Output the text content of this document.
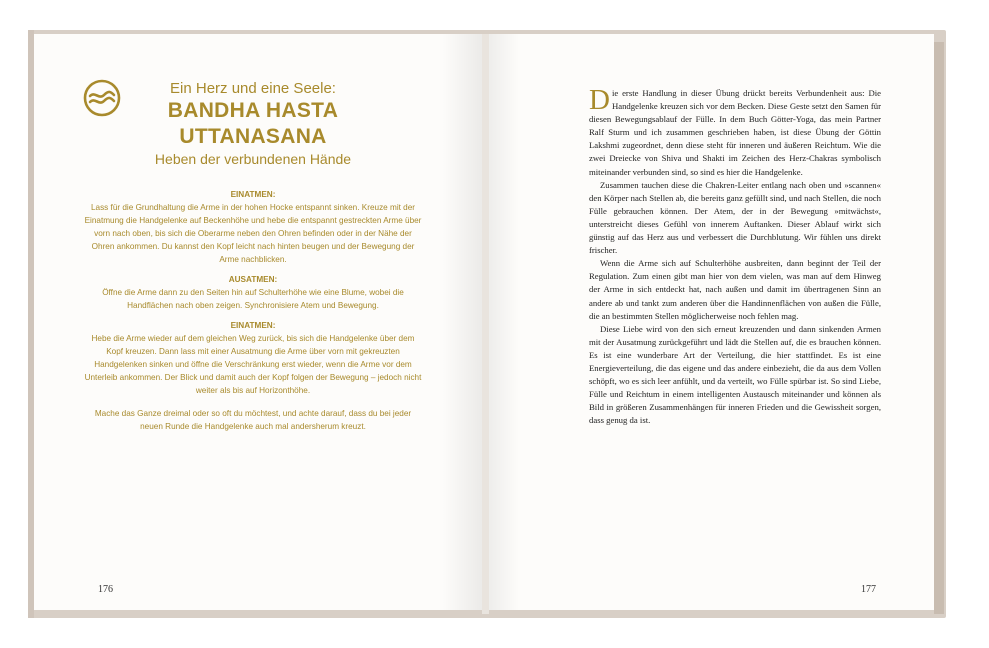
Ein Herz und eine Seele:
BANDHA HASTA UTTANASANA
Heben der verbundenen Hände

EINATMEN:
Lass für die Grundhaltung die Arme in der hohen Hocke entspannt sinken. Kreuze mit der Einatmung die Handgelenke auf Beckenhöhe und hebe die entspannt gestreckten Arme über vorn nach oben, bis sich die Oberarme neben den Ohren befinden oder in der Nähe der Ohren ankommen. Du kannst den Kopf leicht nach hinten beugen und der Bewegung der Arme nachblicken.

AUSATMEN:
Öffne die Arme dann zu den Seiten hin auf Schulterhöhe wie eine Blume, wobei die Handflächen nach oben zeigen. Synchronisiere Atem und Bewegung.

EINATMEN:
Hebe die Arme wieder auf dem gleichen Weg zurück, bis sich die Handgelenke über dem Kopf kreuzen. Dann lass mit einer Ausatmung die Arme über vorn mit gekreuzten Handgelenken sinken und öffne die Verschränkung erst wieder, wenn die Arme vor dem Unterleib ankommen. Der Blick und damit auch der Kopf folgen der Bewegung – jedoch nicht weiter als bis auf Horizonthöhe.

Mache das Ganze dreimal oder so oft du möchtest, und achte darauf, dass du bei jeder neuen Runde die Handgelenke auch mal andersherum kreuzt.

176

Die erste Handlung in dieser Übung drückt bereits Verbundenheit aus: Die Handgelenke kreuzen sich vor dem Becken. Diese Geste setzt den Samen für diesen Bewegungsablauf der Fülle. In dem Buch Götter-Yoga, das mein Partner Ralf Sturm und ich zusammen geschrieben haben, ist diese Übung der Göttin Lakshmi zugeordnet, denn diese steht für inneren und äußeren Reichtum. Wie die zwei Dreiecke von Shiva und Shakti im Zeichen des Herz-Chakras symbolisch miteinander verbunden sind, so sind es hier die Handgelenke.

Zusammen tauchen diese die Chakren-Leiter entlang nach oben und »scannen« den Körper nach Stellen ab, die bereits ganz gefüllt sind, und nach Stellen, die noch Fülle gebrauchen können. Der Atem, der in der Bewegung »mitwächst«, unterstreicht dieses Gefühl von innerem Auftanken. Dieser Ablauf wirkt sich günstig auf das Herz aus und verbessert die Durchblutung. Wir fühlen uns direkt frischer.

Wenn die Arme sich auf Schulterhöhe ausbreiten, dann beginnt der Teil der Regulation. Zum einen gibt man hier von dem vielen, was man auf dem Hinweg der Arme in sich entdeckt hat, nach außen und damit im übertragenen Sinn an andere ab und tankt zum anderen über die Handinnenflächen von außen die Fülle, die an bestimmten Stellen möglicherweise noch fehlen mag.

Diese Liebe wird von den sich erneut kreuzenden und dann sinkenden Armen mit der Ausatmung zurückgeführt und lädt die Stellen auf, die es brauchen können. Es ist eine wunderbare Art der Verteilung, die hier stattfindet. Es ist eine Energieverteilung, die das eigene und das andere einbezieht, die da aus dem Vollen schöpft, wo es sich leer anfühlt, und da verteilt, wo Fülle spürbar ist. So sind Liebe, Fülle und Reichtum in einem intelligenten Austausch miteinander und können als Bild in größeren Zusammenhängen für inneren Frieden und die Gewissheit sorgen, dass genug da ist.

177
